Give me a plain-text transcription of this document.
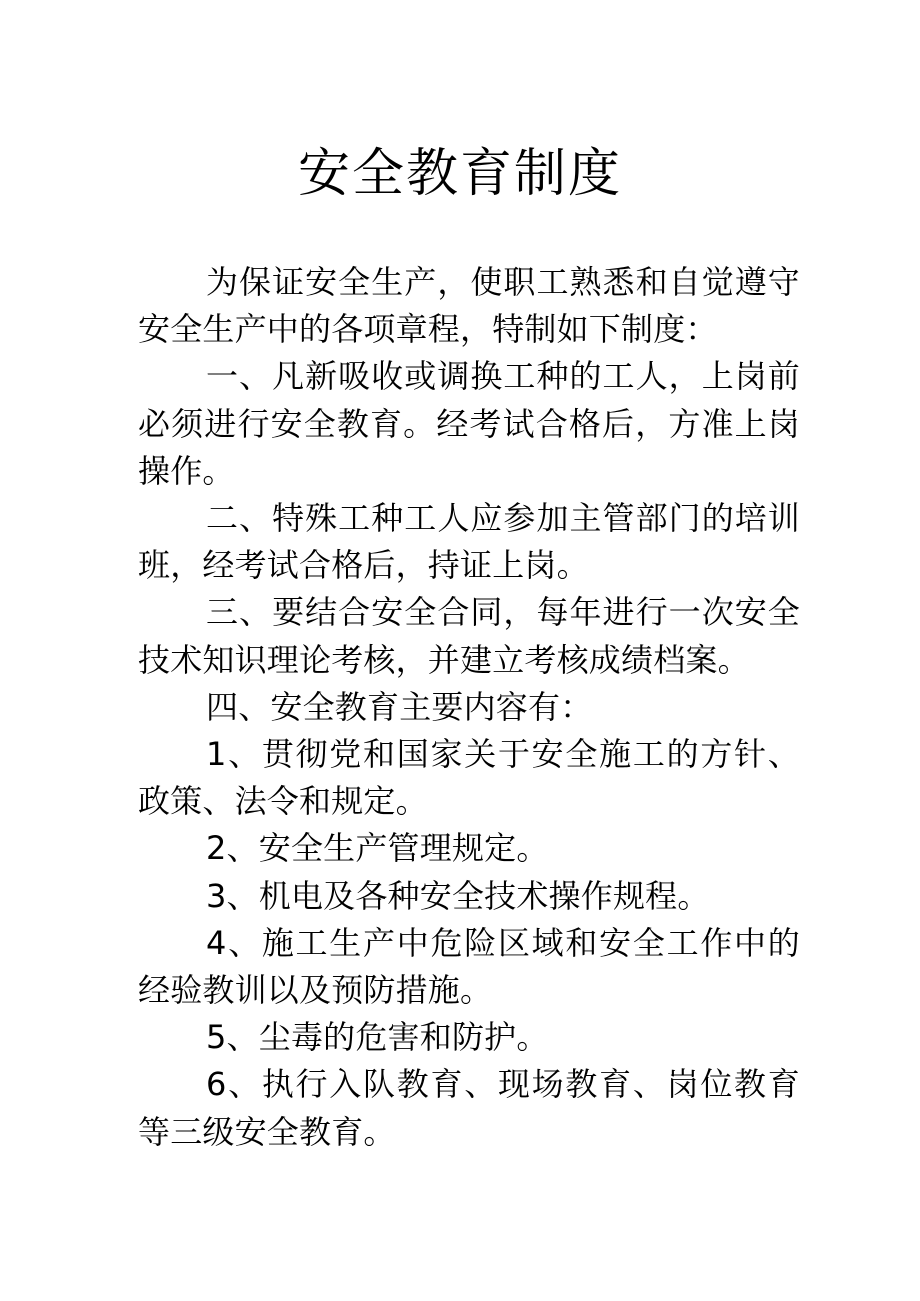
安全教育制度

为保证安全生产，使职工熟悉和自觉遵守安全生产中的各项章程，特制如下制度：

一、凡新吸收或调换工种的工人，上岗前必须进行安全教育。经考试合格后，方准上岗操作。

二、特殊工种工人应参加主管部门的培训班，经考试合格后，持证上岗。

三、要结合安全合同，每年进行一次安全技术知识理论考核，并建立考核成绩档案。

四、安全教育主要内容有：

1、贯彻党和国家关于安全施工的方针、政策、法令和规定。

2、安全生产管理规定。

3、机电及各种安全技术操作规程。

4、施工生产中危险区域和安全工作中的经验教训以及预防措施。

5、尘毒的危害和防护。

6、执行入队教育、现场教育、岗位教育等三级安全教育。
